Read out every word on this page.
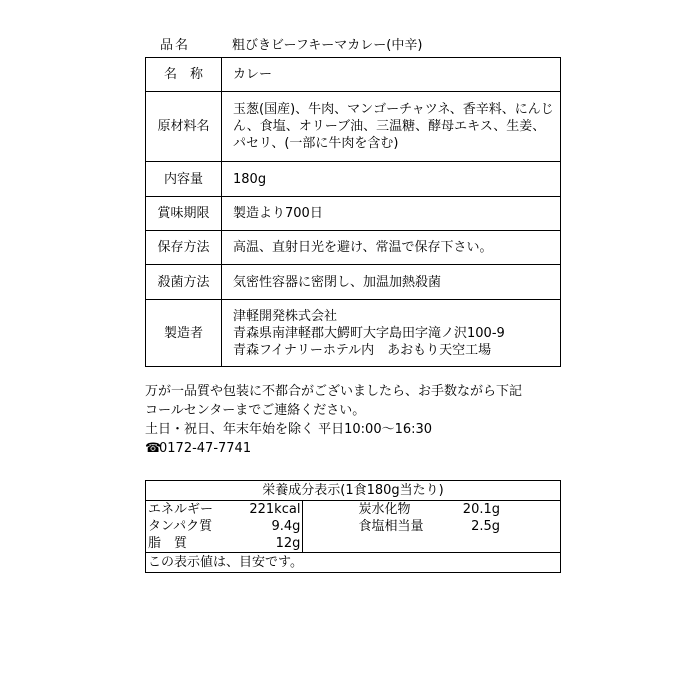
品名	粗びきビーフキーマカレー(中辛)
名　称	カレー
原材料名	玉葱(国産)、牛肉、マンゴーチャツネ、香辛料、にんじん、食塩、オリーブ油、三温糖、酵母エキス、生姜、パセリ、(一部に牛肉を含む)
内容量	180g
賞味期限	製造より700日
保存方法	高温、直射日光を避け、常温で保存下さい。
殺菌方法	気密性容器に密閉し、加温加熱殺菌
製造者	津軽開発株式会社
青森県南津軽郡大鰐町大字島田字滝ノ沢100-9
青森フイナリーホテル内　あおもり天空工場
万が一品質や包装に不都合がございましたら、お手数ながら下記
コールセンターまでご連絡ください。
土日・祝日、年末年始を除く 平日10:00～16:30
☎0172-47-7741
栄養成分表示(1食180g当たり)			
エネルギー	221kcal	炭水化物	20.1g
タンパク質	9.4g	食塩相当量	2.5g
脂　質	12g		
この表示値は、目安です。			
